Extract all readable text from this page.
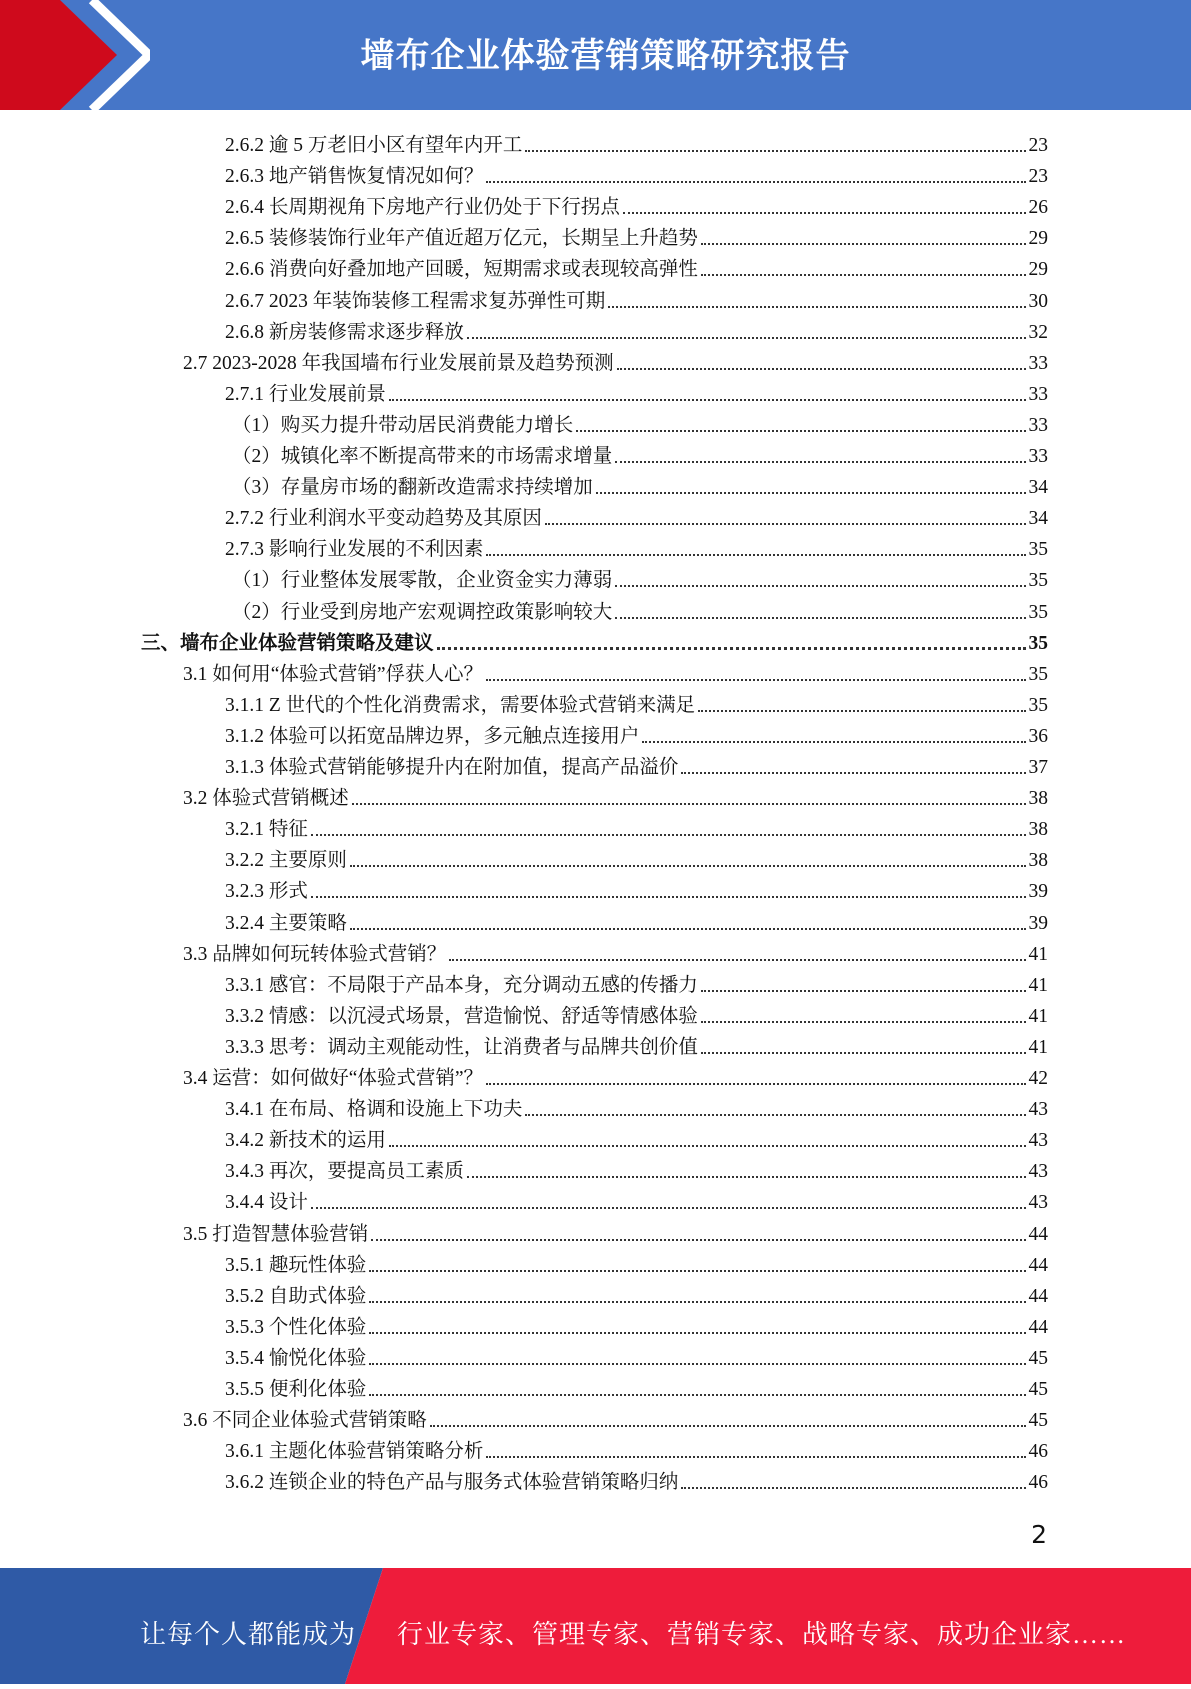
墙布企业体验营销策略研究报告
2.6.2 逾 5 万老旧小区有望年内开工	23
2.6.3 地产销售恢复情况如何？	23
2.6.4 长周期视角下房地产行业仍处于下行拐点	26
2.6.5 装修装饰行业年产值近超万亿元，长期呈上升趋势	29
2.6.6 消费向好叠加地产回暖，短期需求或表现较高弹性	29
2.6.7 2023 年装饰装修工程需求复苏弹性可期	30
2.6.8 新房装修需求逐步释放	32
2.7 2023-2028 年我国墙布行业发展前景及趋势预测	33
2.7.1 行业发展前景	33
（1）购买力提升带动居民消费能力增长	33
（2）城镇化率不断提高带来的市场需求增量	33
（3）存量房市场的翻新改造需求持续增加	34
2.7.2 行业利润水平变动趋势及其原因	34
2.7.3 影响行业发展的不利因素	35
（1）行业整体发展零散，企业资金实力薄弱	35
（2）行业受到房地产宏观调控政策影响较大	35
三、墙布企业体验营销策略及建议	35
3.1 如何用“体验式营销”俘获人心？	35
3.1.1 Z 世代的个性化消费需求，需要体验式营销来满足	35
3.1.2 体验可以拓宽品牌边界，多元触点连接用户	36
3.1.3 体验式营销能够提升内在附加值，提高产品溢价	37
3.2 体验式营销概述	38
3.2.1 特征	38
3.2.2 主要原则	38
3.2.3 形式	39
3.2.4 主要策略	39
3.3 品牌如何玩转体验式营销？	41
3.3.1 感官：不局限于产品本身，充分调动五感的传播力	41
3.3.2 情感：以沉浸式场景，营造愉悦、舒适等情感体验	41
3.3.3 思考：调动主观能动性，让消费者与品牌共创价值	41
3.4 运营：如何做好“体验式营销”？	42
3.4.1 在布局、格调和设施上下功夫	43
3.4.2 新技术的运用	43
3.4.3 再次，要提高员工素质	43
3.4.4 设计	43
3.5 打造智慧体验营销	44
3.5.1 趣玩性体验	44
3.5.2 自助式体验	44
3.5.3 个性化体验	44
3.5.4 愉悦化体验	45
3.5.5 便利化体验	45
3.6 不同企业体验式营销策略	45
3.6.1 主题化体验营销策略分析	46
3.6.2 连锁企业的特色产品与服务式体验营销策略归纳	46
2
让每个人都能成为 行业专家、管理专家、营销专家、战略专家、成功企业家……
